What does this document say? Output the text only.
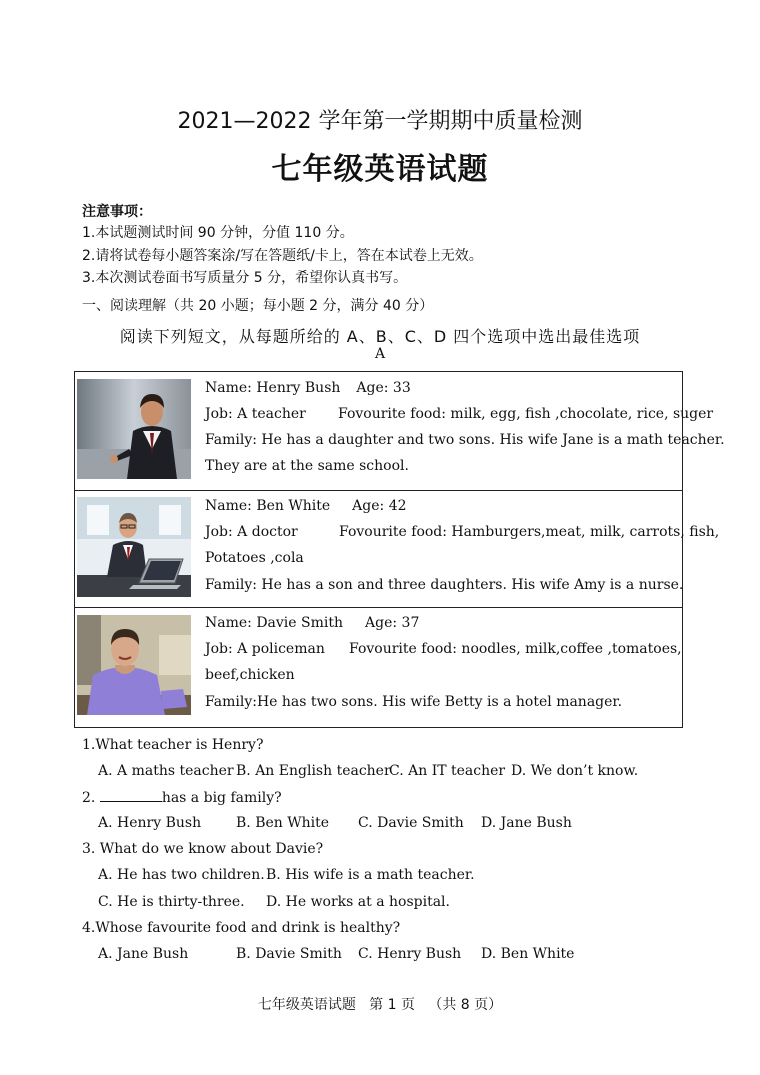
2021—2022 学年第一学期期中质量检测
七年级英语试题
注意事项：
1.本试题测试时间 90 分钟，分值 110 分。
2.请将试卷每小题答案涂/写在答题纸/卡上，答在本试卷上无效。
3.本次测试卷面书写质量分 5 分，希望你认真书写。
一、阅读理解（共 20 小题；每小题 2 分，满分 40 分）
阅读下列短文，从每题所给的 A、B、C、D 四个选项中选出最佳选项
A
Name: Henry Bush Age: 33
Job: A teacher Fovourite food: milk, egg, fish ,chocolate, rice, suger
Family: He has a daughter and two sons. His wife Jane is a math teacher.
They are at the same school.
Name: Ben White Age: 42
Job: A doctor	Fovourite food: Hamburgers,meat, milk, carrots, fish,
Potatoes ,cola
Family: He has a son and three daughters. His wife Amy is a nurse.
Name: Davie Smith Age: 37
Job: A policeman Fovourite food: noodles, milk,coffee ,tomatoes,
beef,chicken
Family:He has two sons. His wife Betty is a hotel manager.
1.What teacher is Henry?
A. A maths teacher B. An English teacher
C. An IT teacher D. We don’t know.
2.	has a big family?
A. Henry Bush B. Ben White C. Davie Smith D. Jane Bush
3. What do we know about Davie?
A. He has two children. B. His wife is a math teacher.
C. He is thirty-three. D. He works at a hospital.
4.Whose favourite food and drink is healthy?
A. Jane Bush	B. Davie Smith C. Henry Bush D. Ben White
七年级英语试题   第 1 页   （共 8 页）
